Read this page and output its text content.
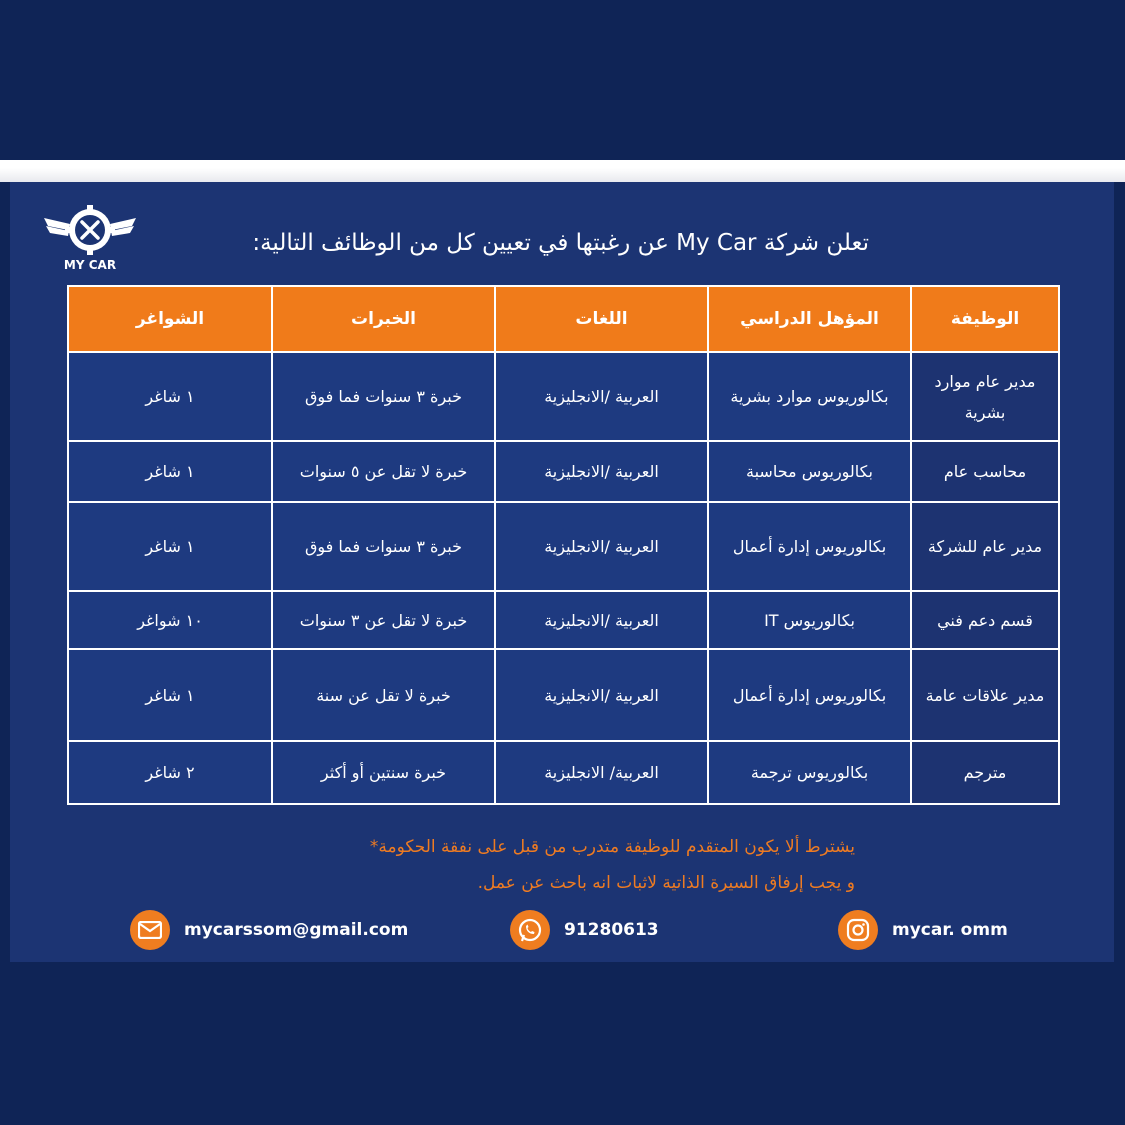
MY CAR
تعلن شركة My Car عن رغبتها في تعيين كل من الوظائف التالية:
الوظيفة	المؤهل الدراسي	اللغات	الخبرات	الشواغر
مدير عام موارد بشرية	بكالوريوس موارد بشرية	العربية /الانجليزية	خبرة ٣ سنوات فما فوق	١ شاغر
محاسب عام	بكالوريوس محاسبة	العربية /الانجليزية	خبرة لا تقل عن ٥ سنوات	١ شاغر
مدير عام للشركة	بكالوريوس إدارة أعمال	العربية /الانجليزية	خبرة ٣ سنوات فما فوق	١ شاغر
قسم دعم فني	بكالوريوس IT	العربية /الانجليزية	خبرة لا تقل عن ٣ سنوات	١٠ شواغر
مدير علاقات عامة	بكالوريوس إدارة أعمال	العربية /الانجليزية	خبرة لا تقل عن سنة	١ شاغر
مترجم	بكالوريوس ترجمة	العربية/ الانجليزية	خبرة سنتين أو أكثر	٢ شاغر
يشترط ألا يكون المتقدم للوظيفة متدرب من قبل على نفقة الحكومة*
و يجب إرفاق السيرة الذاتية لاثبات انه باحث عن عمل.
mycarssom@gmail.com	91280613	mycar. omm
